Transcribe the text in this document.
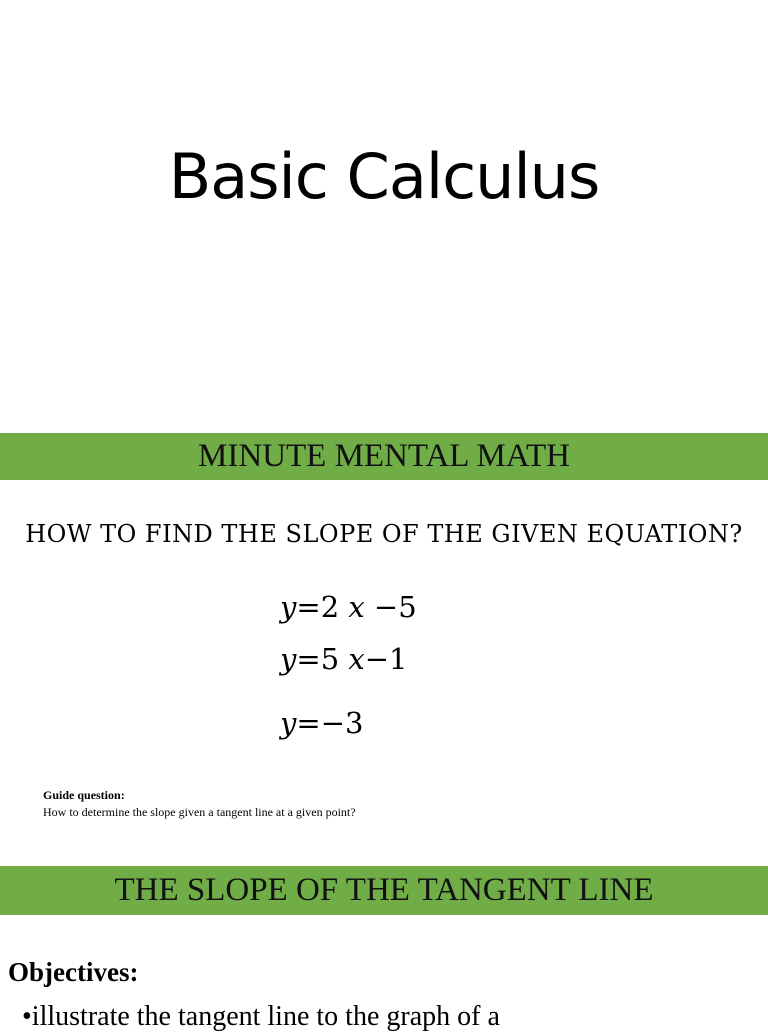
Basic Calculus
MINUTE MENTAL MATH
HOW TO FIND THE SLOPE OF THE GIVEN EQUATION?
y=2 x −5
y=5 x−1
y=−3
Guide question:
How to determine the slope given a tangent line at a given point?
THE SLOPE OF THE TANGENT LINE
Objectives:
•illustrate the tangent line to the graph of a
